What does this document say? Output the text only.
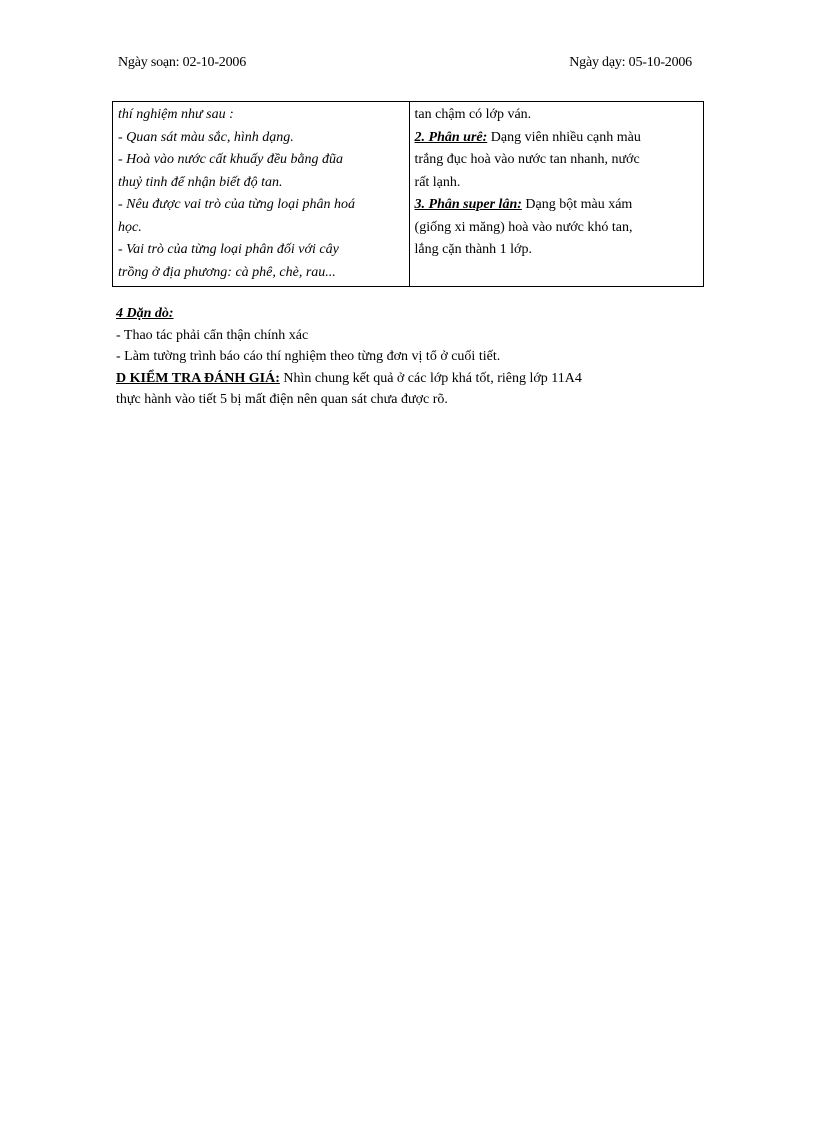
Ngày soạn: 02-10-2006	Ngày dạy: 05-10-2006
thí nghiệm như sau :
- Quan sát màu sắc, hình dạng.
- Hoà vào nước cất khuấy đều bằng đũa
thuỷ tinh để nhận biết độ tan.
- Nêu được vai trò của từng loại phân hoá
học.
- Vai trò của từng loại phân đối với cây
trồng ở địa phương: cà phê, chè, rau...

tan chậm có lớp ván.
2. Phân urê: Dạng viên nhiều cạnh màu
trắng đục hoà vào nước tan nhanh, nước
rất lạnh.
3. Phân super lân: Dạng bột màu xám
(giống xi măng) hoà vào nước khó tan,
lắng cặn thành 1 lớp.
4 Dặn dò:
- Thao tác phải cẩn thận chính xác
- Làm tường trình báo cáo thí nghiệm theo từng đơn vị tổ ở cuối tiết.
D KIỂM TRA ĐÁNH GIÁ: Nhìn chung kết quả ở các lớp khá tốt, riêng lớp 11A4
thực hành vào tiết 5 bị mất điện nên quan sát chưa được rõ.
